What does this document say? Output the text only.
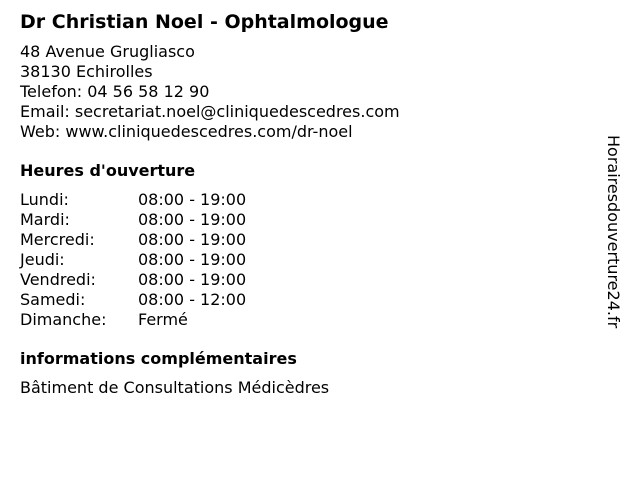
Dr Christian Noel - Ophtalmologue
48 Avenue Grugliasco
38130 Echirolles
Telefon: 04 56 58 12 90
Email: secretariat.noel@cliniquedescedres.com
Web: www.cliniquedescedres.com/dr-noel
Heures d'ouverture
Lundi:	08:00 - 19:00
Mardi:	08:00 - 19:00
Mercredi:	08:00 - 19:00
Jeudi:	08:00 - 19:00
Vendredi:	08:00 - 19:00
Samedi:	08:00 - 12:00
Dimanche:	Fermé
informations complémentaires
Bâtiment de Consultations Médicèdres
Horairesdouverture24.fr
